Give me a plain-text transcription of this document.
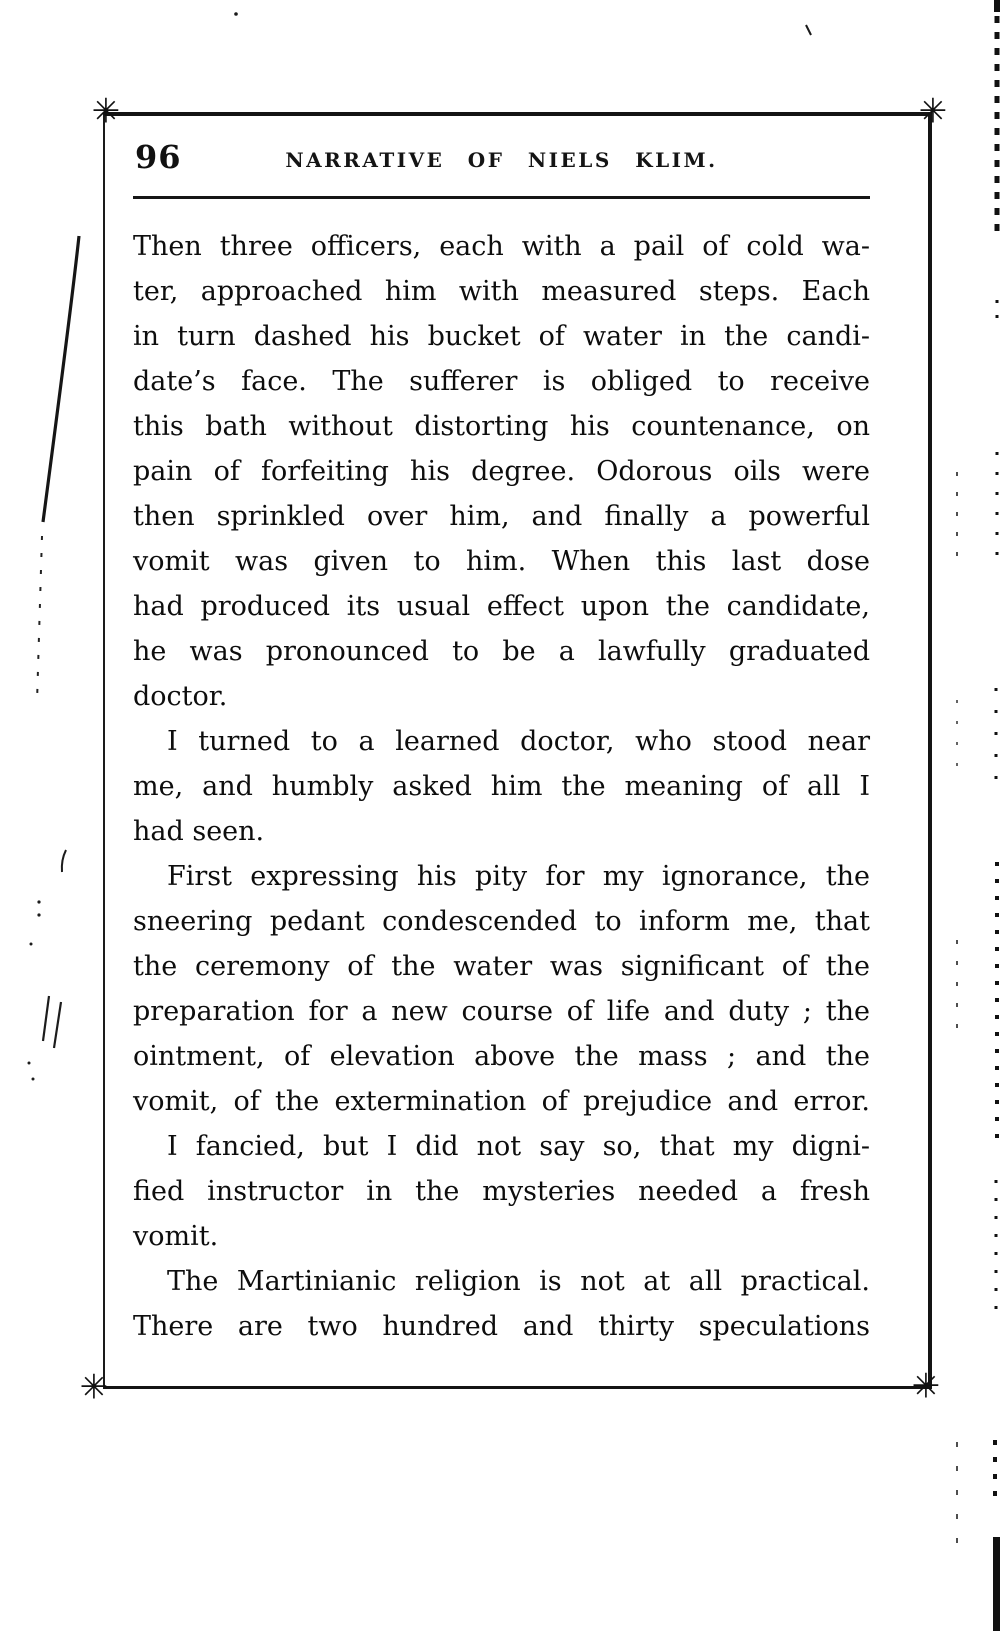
96	NARRATIVE OF NIELS KLIM.
Then three officers, each with a pail of cold wa-
ter, approached him with measured steps. Each
in turn dashed his bucket of water in the candi-
date’s face. The sufferer is obliged to receive
this bath without distorting his countenance, on
pain of forfeiting his degree. Odorous oils were
then sprinkled over him, and finally a powerful
vomit was given to him. When this last dose
had produced its usual effect upon the candidate,
he was pronounced to be a lawfully graduated
doctor.
I turned to a learned doctor, who stood near
me, and humbly asked him the meaning of all I
had seen.
First expressing his pity for my ignorance, the
sneering pedant condescended to inform me, that
the ceremony of the water was significant of the
preparation for a new course of life and duty ; the
ointment, of elevation above the mass ; and the
vomit, of the extermination of prejudice and error.
I fancied, but I did not say so, that my digni-
fied instructor in the mysteries needed a fresh
vomit.
The Martinianic religion is not at all practical.
There are two hundred and thirty speculations
✳	✳
✳	✳
